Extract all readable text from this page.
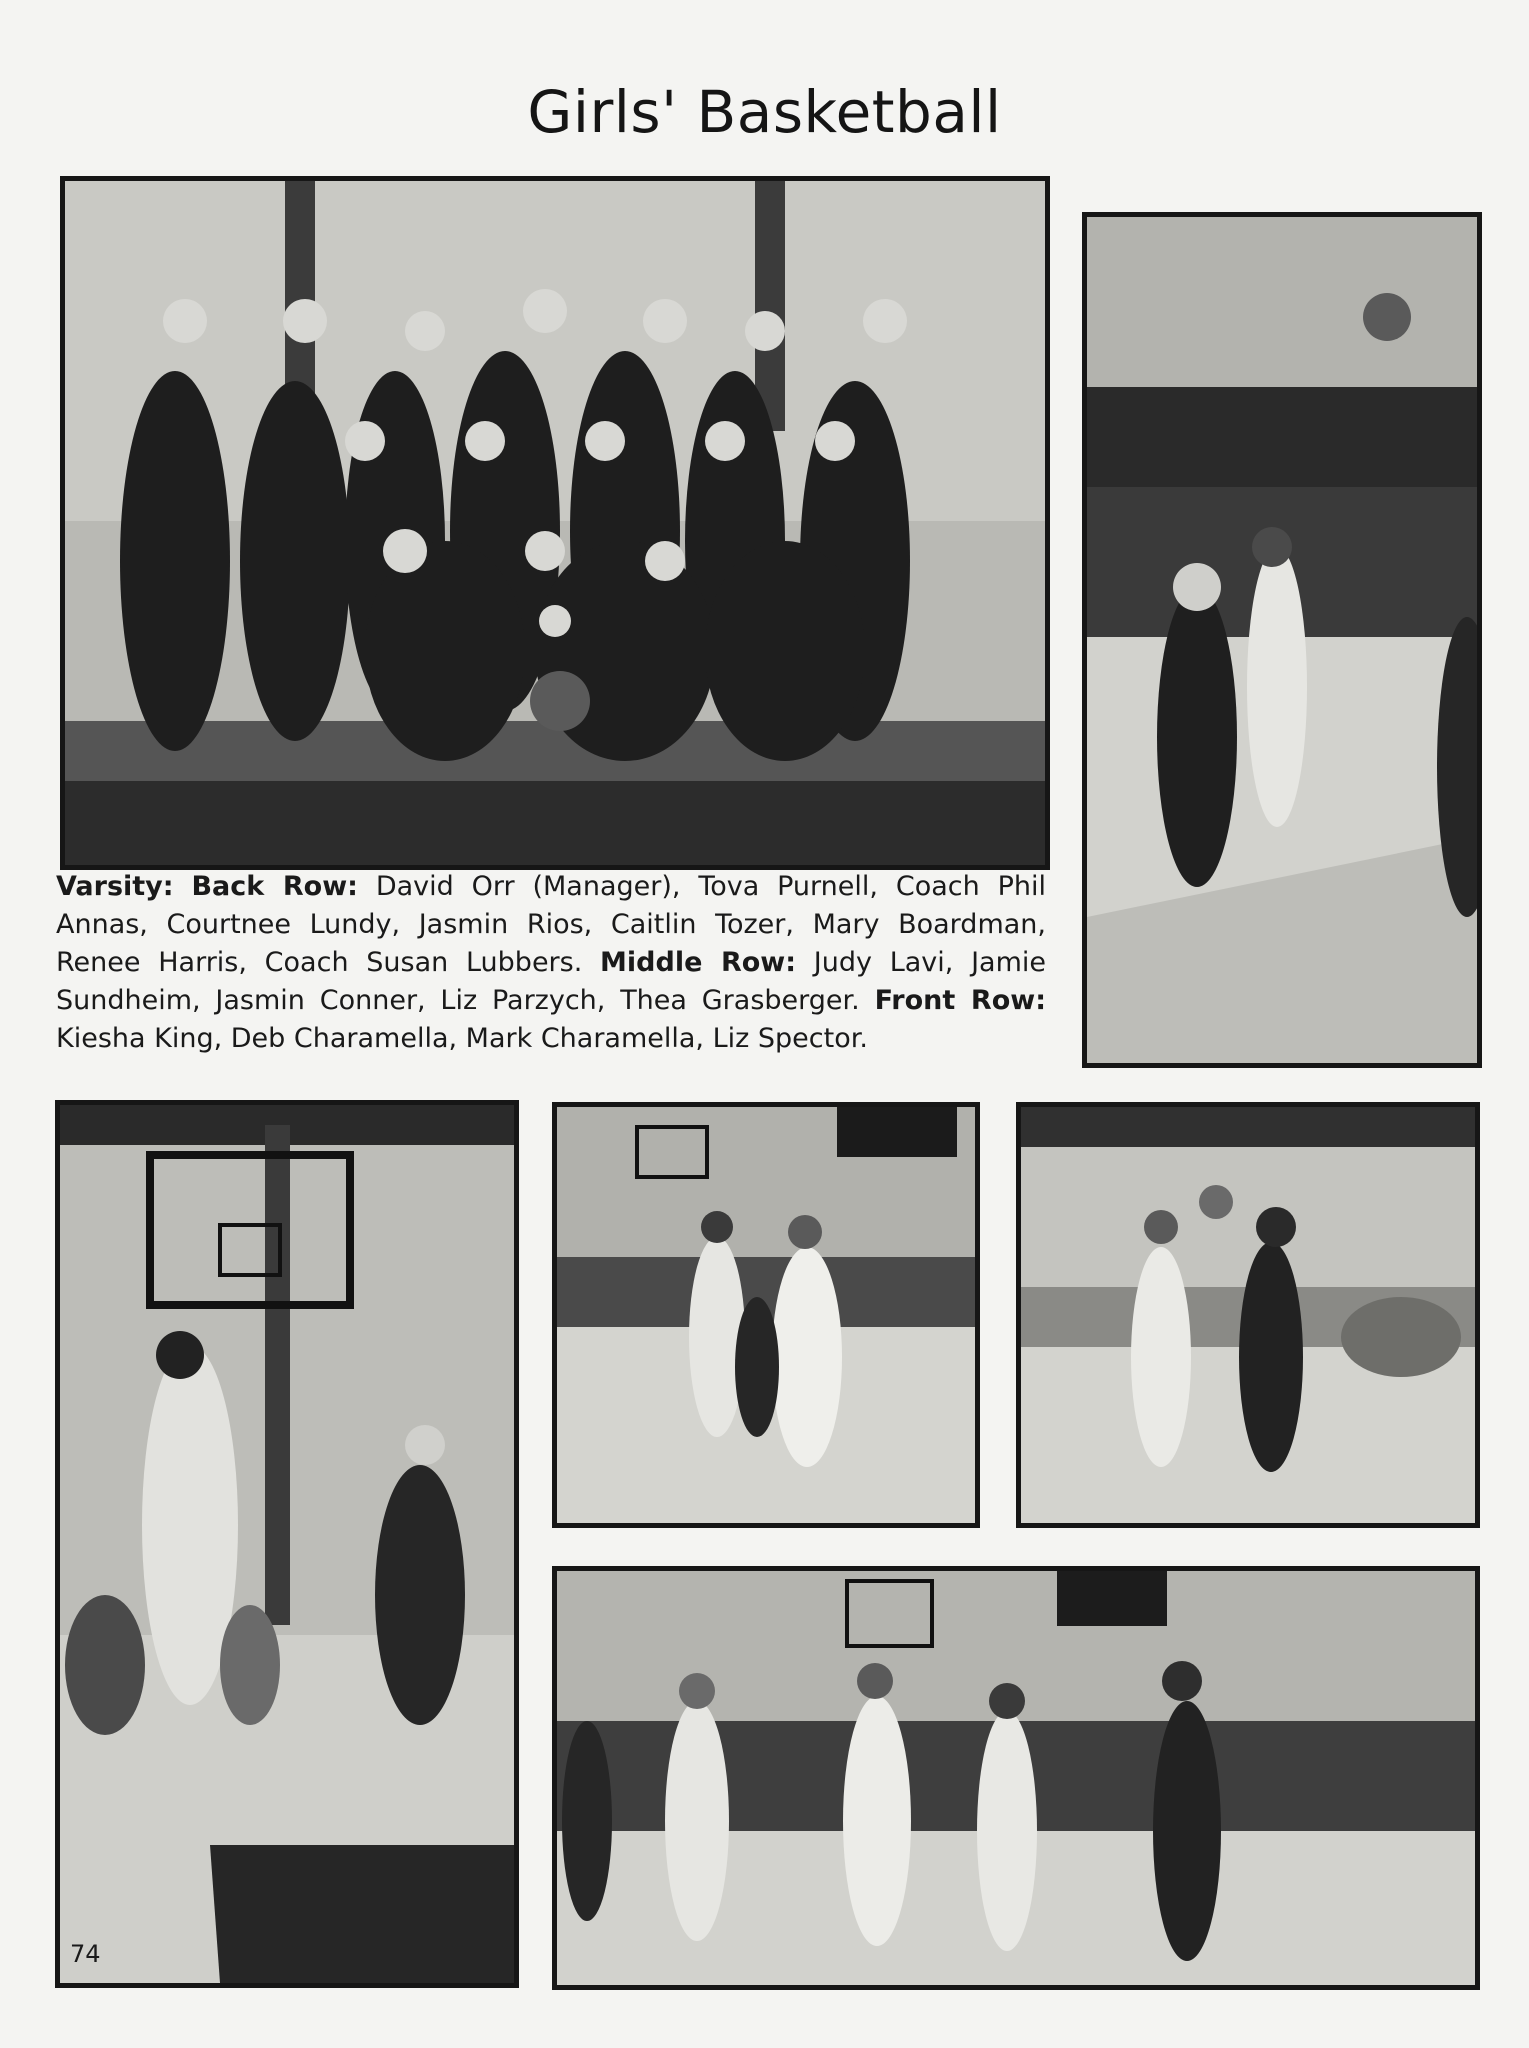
Girls' Basketball
Varsity: Back Row: David Orr (Manager), Tova Purnell, Coach Phil Annas, Courtnee Lundy, Jasmin Rios, Caitlin Tozer, Mary Boardman, Renee Harris, Coach Susan Lubbers. Middle Row: Judy Lavi, Jamie Sundheim, Jasmin Conner, Liz Parzych, Thea Grasberger. Front Row: Kiesha King, Deb Charamella, Mark Charamella, Liz Spector.
74
